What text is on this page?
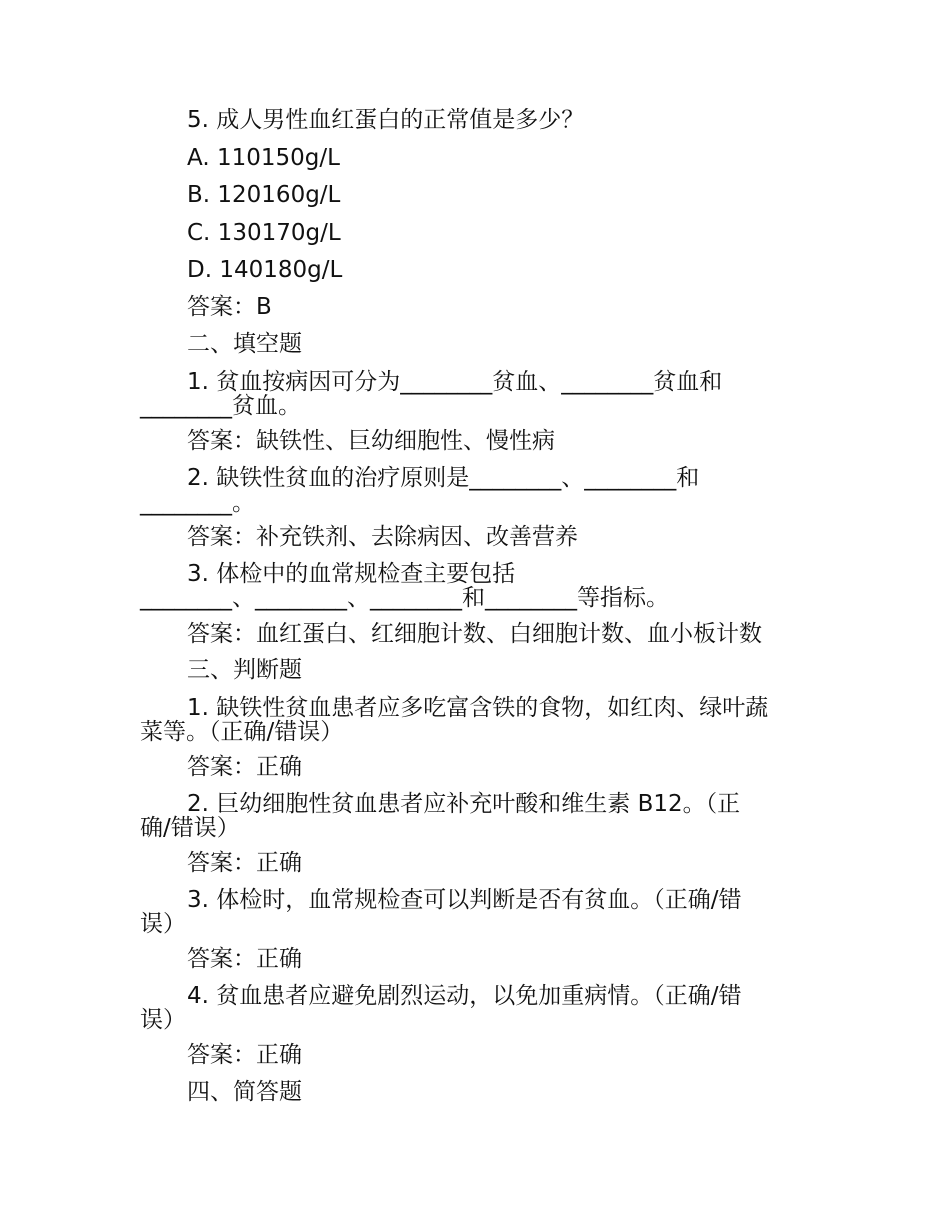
5. 成人男性血红蛋白的正常值是多少？
A. 110150g/L
B. 120160g/L
C. 130170g/L
D. 140180g/L
答案：B
二、填空题
1. 贫血按病因可分为________贫血、________贫血和
________贫血。
答案：缺铁性、巨幼细胞性、慢性病
2. 缺铁性贫血的治疗原则是________、________和
________。
答案：补充铁剂、去除病因、改善营养
3. 体检中的血常规检查主要包括
________、________、________和________等指标。
答案：血红蛋白、红细胞计数、白细胞计数、血小板计数
三、判断题
1. 缺铁性贫血患者应多吃富含铁的食物，如红肉、绿叶蔬
菜等。（正确/错误）
答案：正确
2. 巨幼细胞性贫血患者应补充叶酸和维生素 B12。（正
确/错误）
答案：正确
3. 体检时，血常规检查可以判断是否有贫血。（正确/错
误）
答案：正确
4. 贫血患者应避免剧烈运动，以免加重病情。（正确/错
误）
答案：正确
四、简答题
